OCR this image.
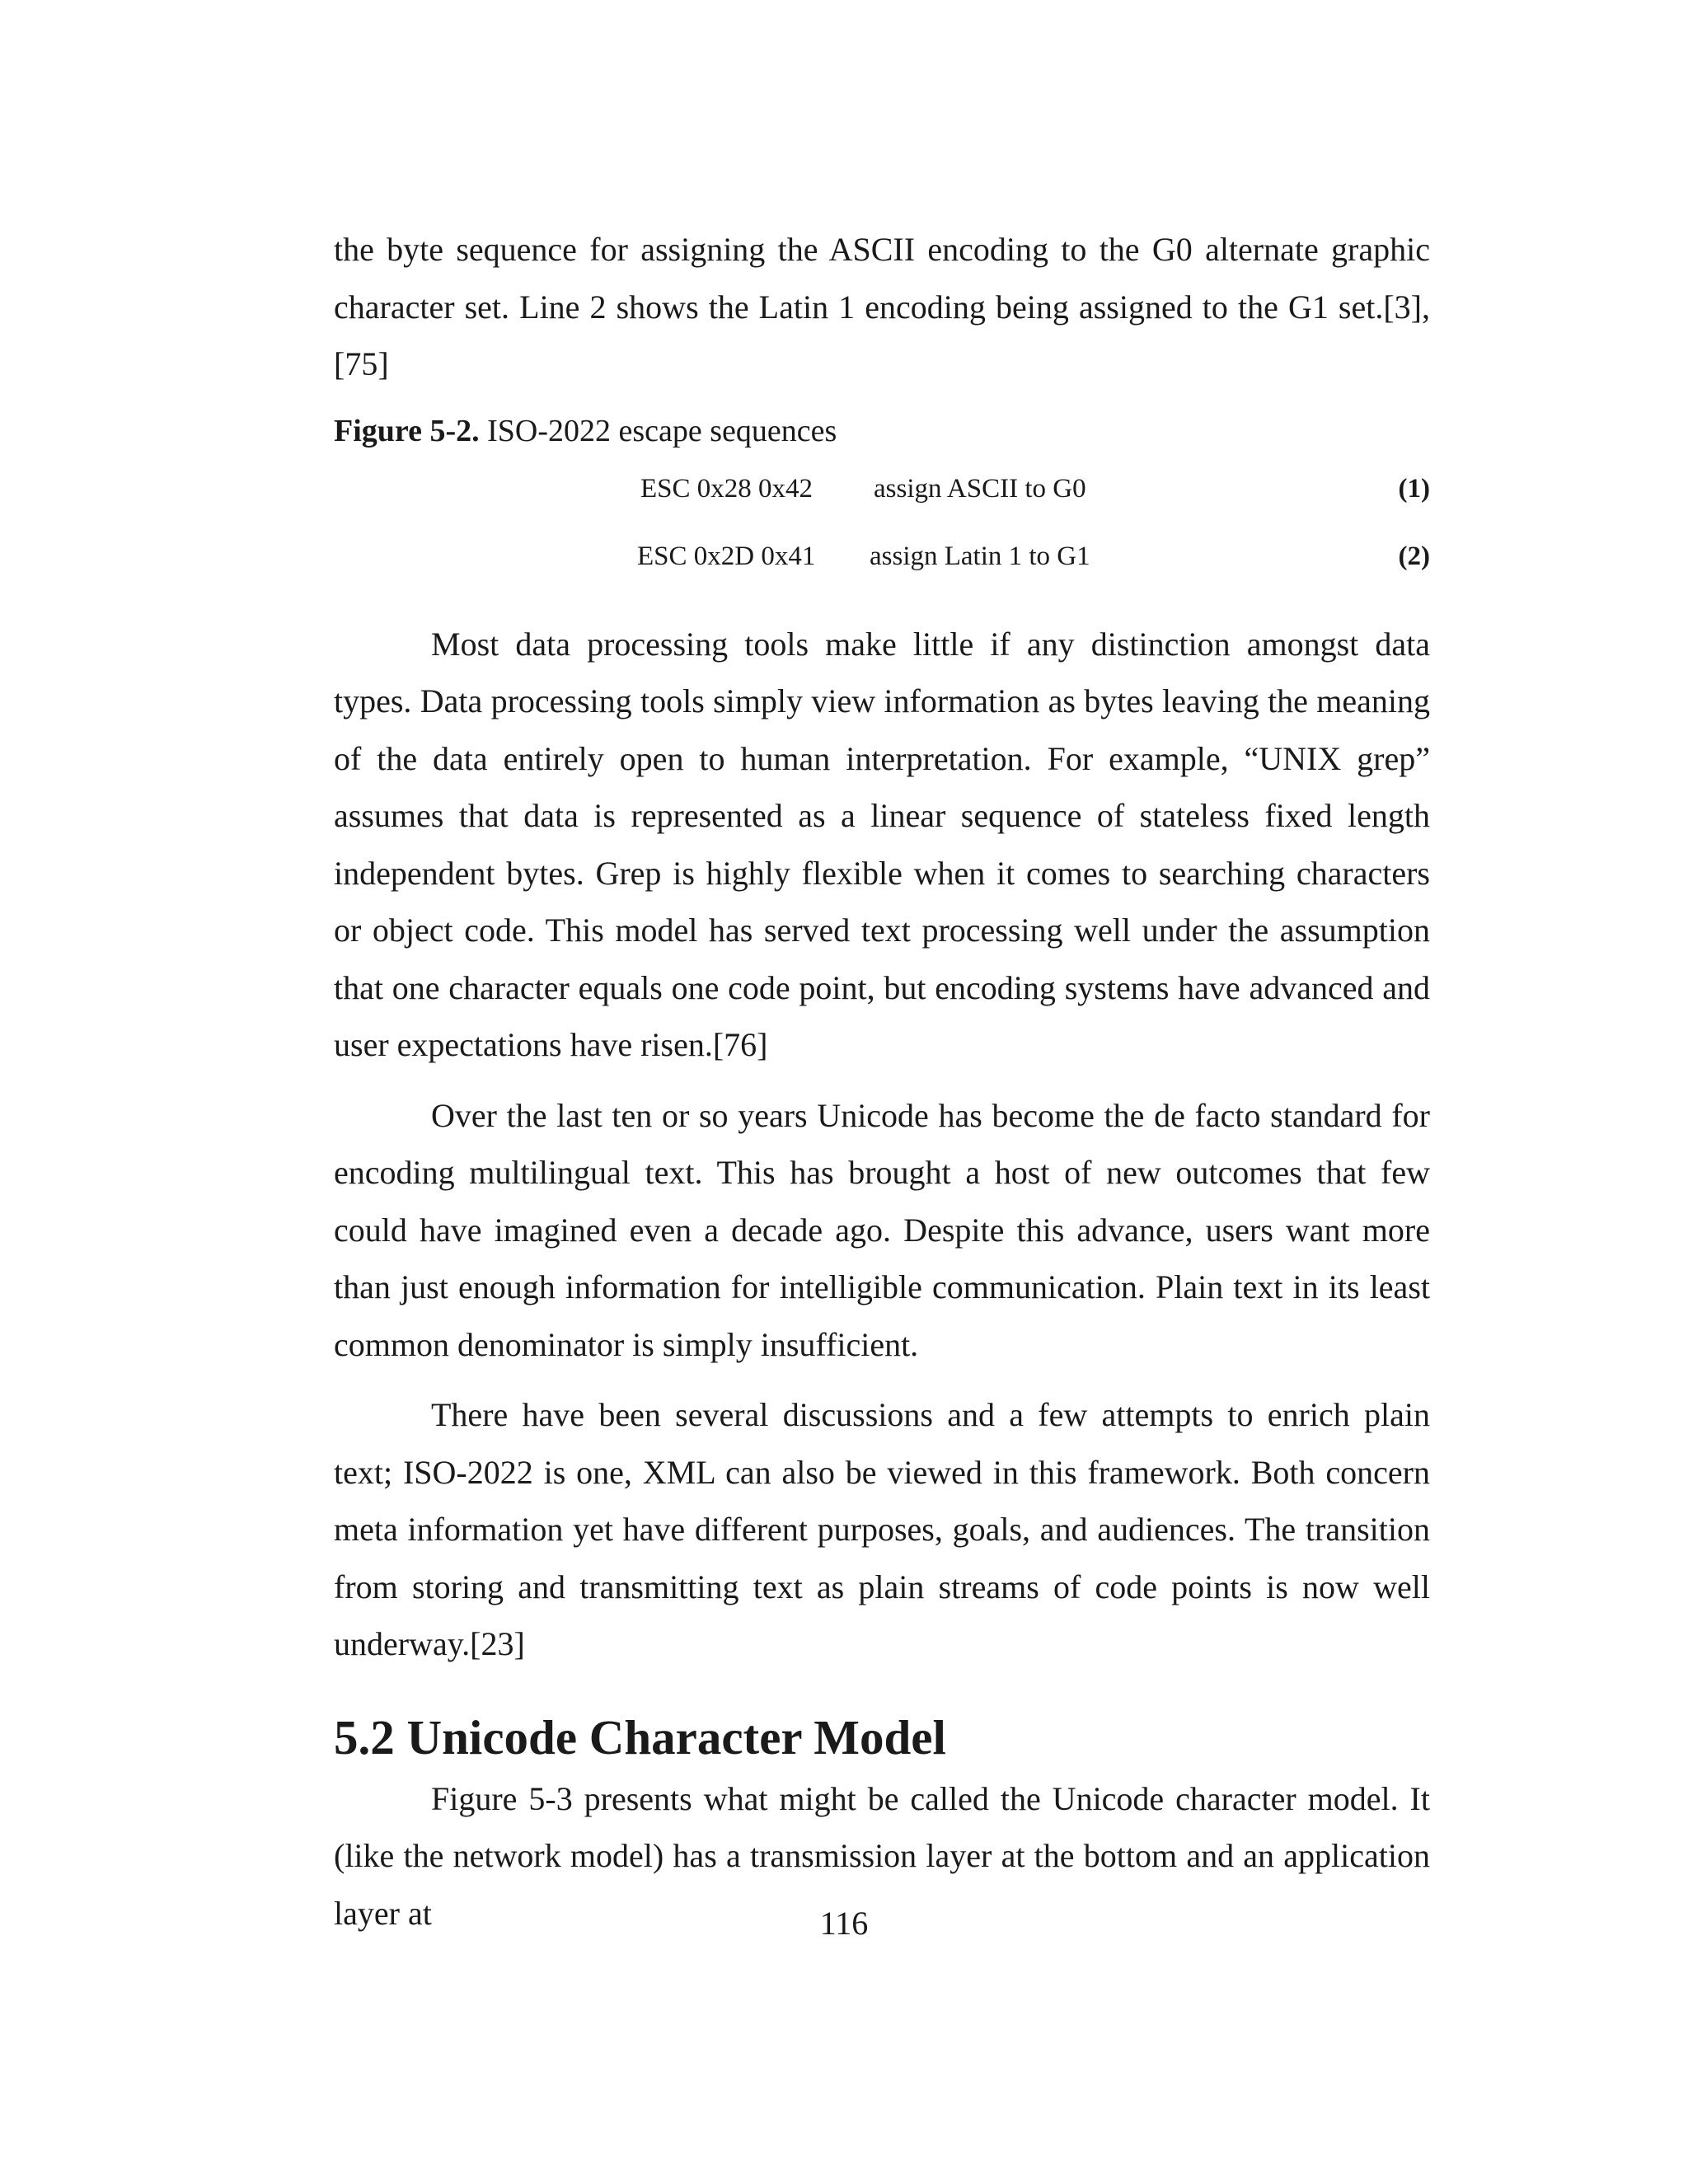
the byte sequence for assigning the ASCII encoding to the G0 alternate graphic character set. Line 2 shows the Latin 1 encoding being assigned to the G1 set.[3],[75]

Figure 5-2. ISO-2022 escape sequences
ESC 0x28 0x42 assign ASCII to G0	(1)
ESC 0x2D 0x41 assign Latin 1 to G1	(2)

Most data processing tools make little if any distinction amongst data types. Data processing tools simply view information as bytes leaving the meaning of the data entirely open to human interpretation. For example, “UNIX grep” assumes that data is represented as a linear sequence of stateless fixed length independent bytes. Grep is highly flexible when it comes to searching characters or object code. This model has served text processing well under the assumption that one character equals one code point, but encoding systems have advanced and user expectations have risen.[76]

Over the last ten or so years Unicode has become the de facto standard for encoding multilingual text. This has brought a host of new outcomes that few could have imagined even a decade ago. Despite this advance, users want more than just enough information for intelligible communication. Plain text in its least common denominator is simply insufficient.

There have been several discussions and a few attempts to enrich plain text; ISO-2022 is one, XML can also be viewed in this framework. Both concern meta information yet have different purposes, goals, and audiences. The transition from storing and transmitting text as plain streams of code points is now well underway.[23]

5.2 Unicode Character Model

Figure 5-3 presents what might be called the Unicode character model. It (like the network model) has a transmission layer at the bottom and an application layer at	116
